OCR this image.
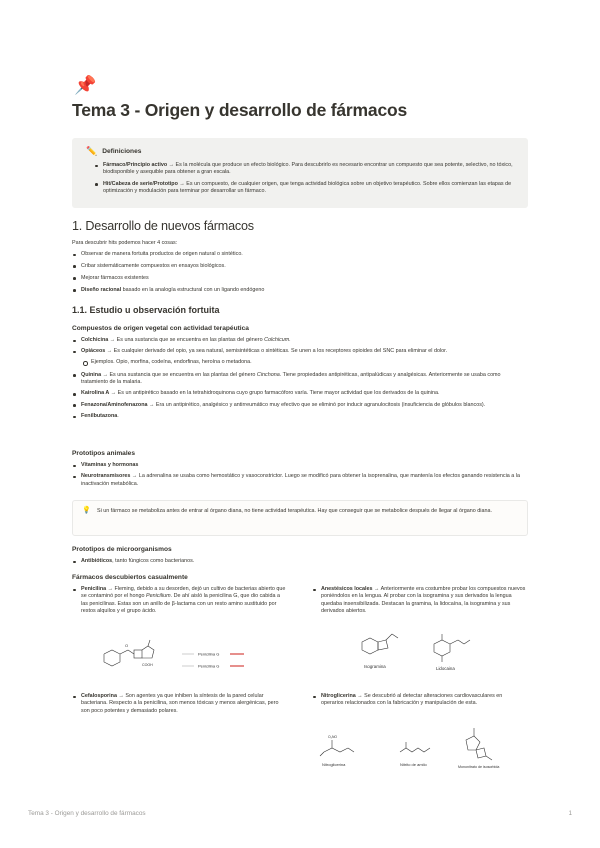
📌
Tema 3 - Origen y desarrollo de fármacos
✏️ Definiciones
Fármaco/Principio activo → Es la molécula que produce un efecto biológico. Para descubrirlo es necesario encontrar un compuesto que sea potente, selectivo, no tóxico, biodisponible y asequible para obtener a gran escala.
Hit/Cabeza de serie/Prototipo → Es un compuesto, de cualquier origen, que tenga actividad biológica sobre un objetivo terapéutico. Sobre ellos comienzan las etapas de optimización y modulación para terminar por desarrollar un fármaco.
1. Desarrollo de nuevos fármacos
Para descubrir hits podemos hacer 4 cosas:
Observar de manera fortuita productos de origen natural o sintético.
Cribar sistemáticamente compuestos en ensayos biológicos.
Mejorar fármacos existentes
Diseño racional basado en la analogía estructural con un ligando endógeno
1.1. Estudio u observación fortuita
Compuestos de origen vegetal con actividad terapéutica
Colchicina → Es una sustancia que se encuentra en las plantas del género Colchicum.
Opiáceos → Es cualquier derivado del opio, ya sea natural, semisintéticas o sintéticas. Se unen a los receptores opioides del SNC para eliminar el dolor.
Ejemplos. Opio, morfina, codeína, endorfinas, heroína o metadona.
Quinina → Es una sustancia que se encuentra en las plantas del género Cinchona. Tiene propiedades antipiréticas, antipalúdicas y analgésicas. Anteriormente se usaba como tratamiento de la malaria.
Kairolina A → Es un antipirético basado en la tetrahidroquinona cuyo grupo farmacóforo varía. Tiene mayor actividad que los derivados de la quinina.
Fenazona/Aminofenazona → Era un antipirético, analgésico y antirreumático muy efectivo que se eliminó por inducir agranulocitosis (insuficiencia de glóbulos blancos).
Fenilbutazona.
Prototipos animales
Vitaminas y hormonas
Neurotransmisores → La adrenalina se usaba como hemostático y vasoconstrictor. Luego se modificó para obtener la isoprenalina, que mantenía los efectos ganando resistencia a la inactivación metabólica.
💡 Si un fármaco se metaboliza antes de entrar al órgano diana, no tiene actividad terapéutica. Hay que conseguir que se metabolice después de llegar al órgano diana.
Prototipos de microorganismos
Antibióticos, tanto fúngicos como bacterianos.
Fármacos descubiertos casualmente
Penicilina → Fleming, debido a su desorden, dejó un cultivo de bacterias abierto que se contaminó por el hongo Penicilium. De ahí aisló la penicilina G, que dio cabida a las penicilinas. Estas son un anillo de β-lactama con un resto amino sustituido por restos alquilos y el grupo ácido.
O
COOH
Penicilina G
Penicilina G
Anestésicos locales → Anteriormente era costumbre probar los compuestos nuevos poniéndolos en la lengua. Al probar con la isogramina y sus derivados la lengua quedaba insensibilizada. Destacan la gramina, la lidocaína, la isogramina y sus derivados abiertos.
Isogramina	Lidocaina
Cefalosporina → Son agentes ya que inhiben la síntesis de la pared celular bacteriana. Respecto a la penicilina, son menos tóxicas y menos alergénicas, pero son poco potentes y demasiado polares.
Nitroglicerina → Se descubrió al detectar alteraciones cardiovasculares en operarios relacionados con la fabricación y manipulación de esta.
O₂NO
Nitroglicerina	Nitrito de amilo	Mononitrato de isosorbida
Tema 3 - Origen y desarrollo de fármacos	1
